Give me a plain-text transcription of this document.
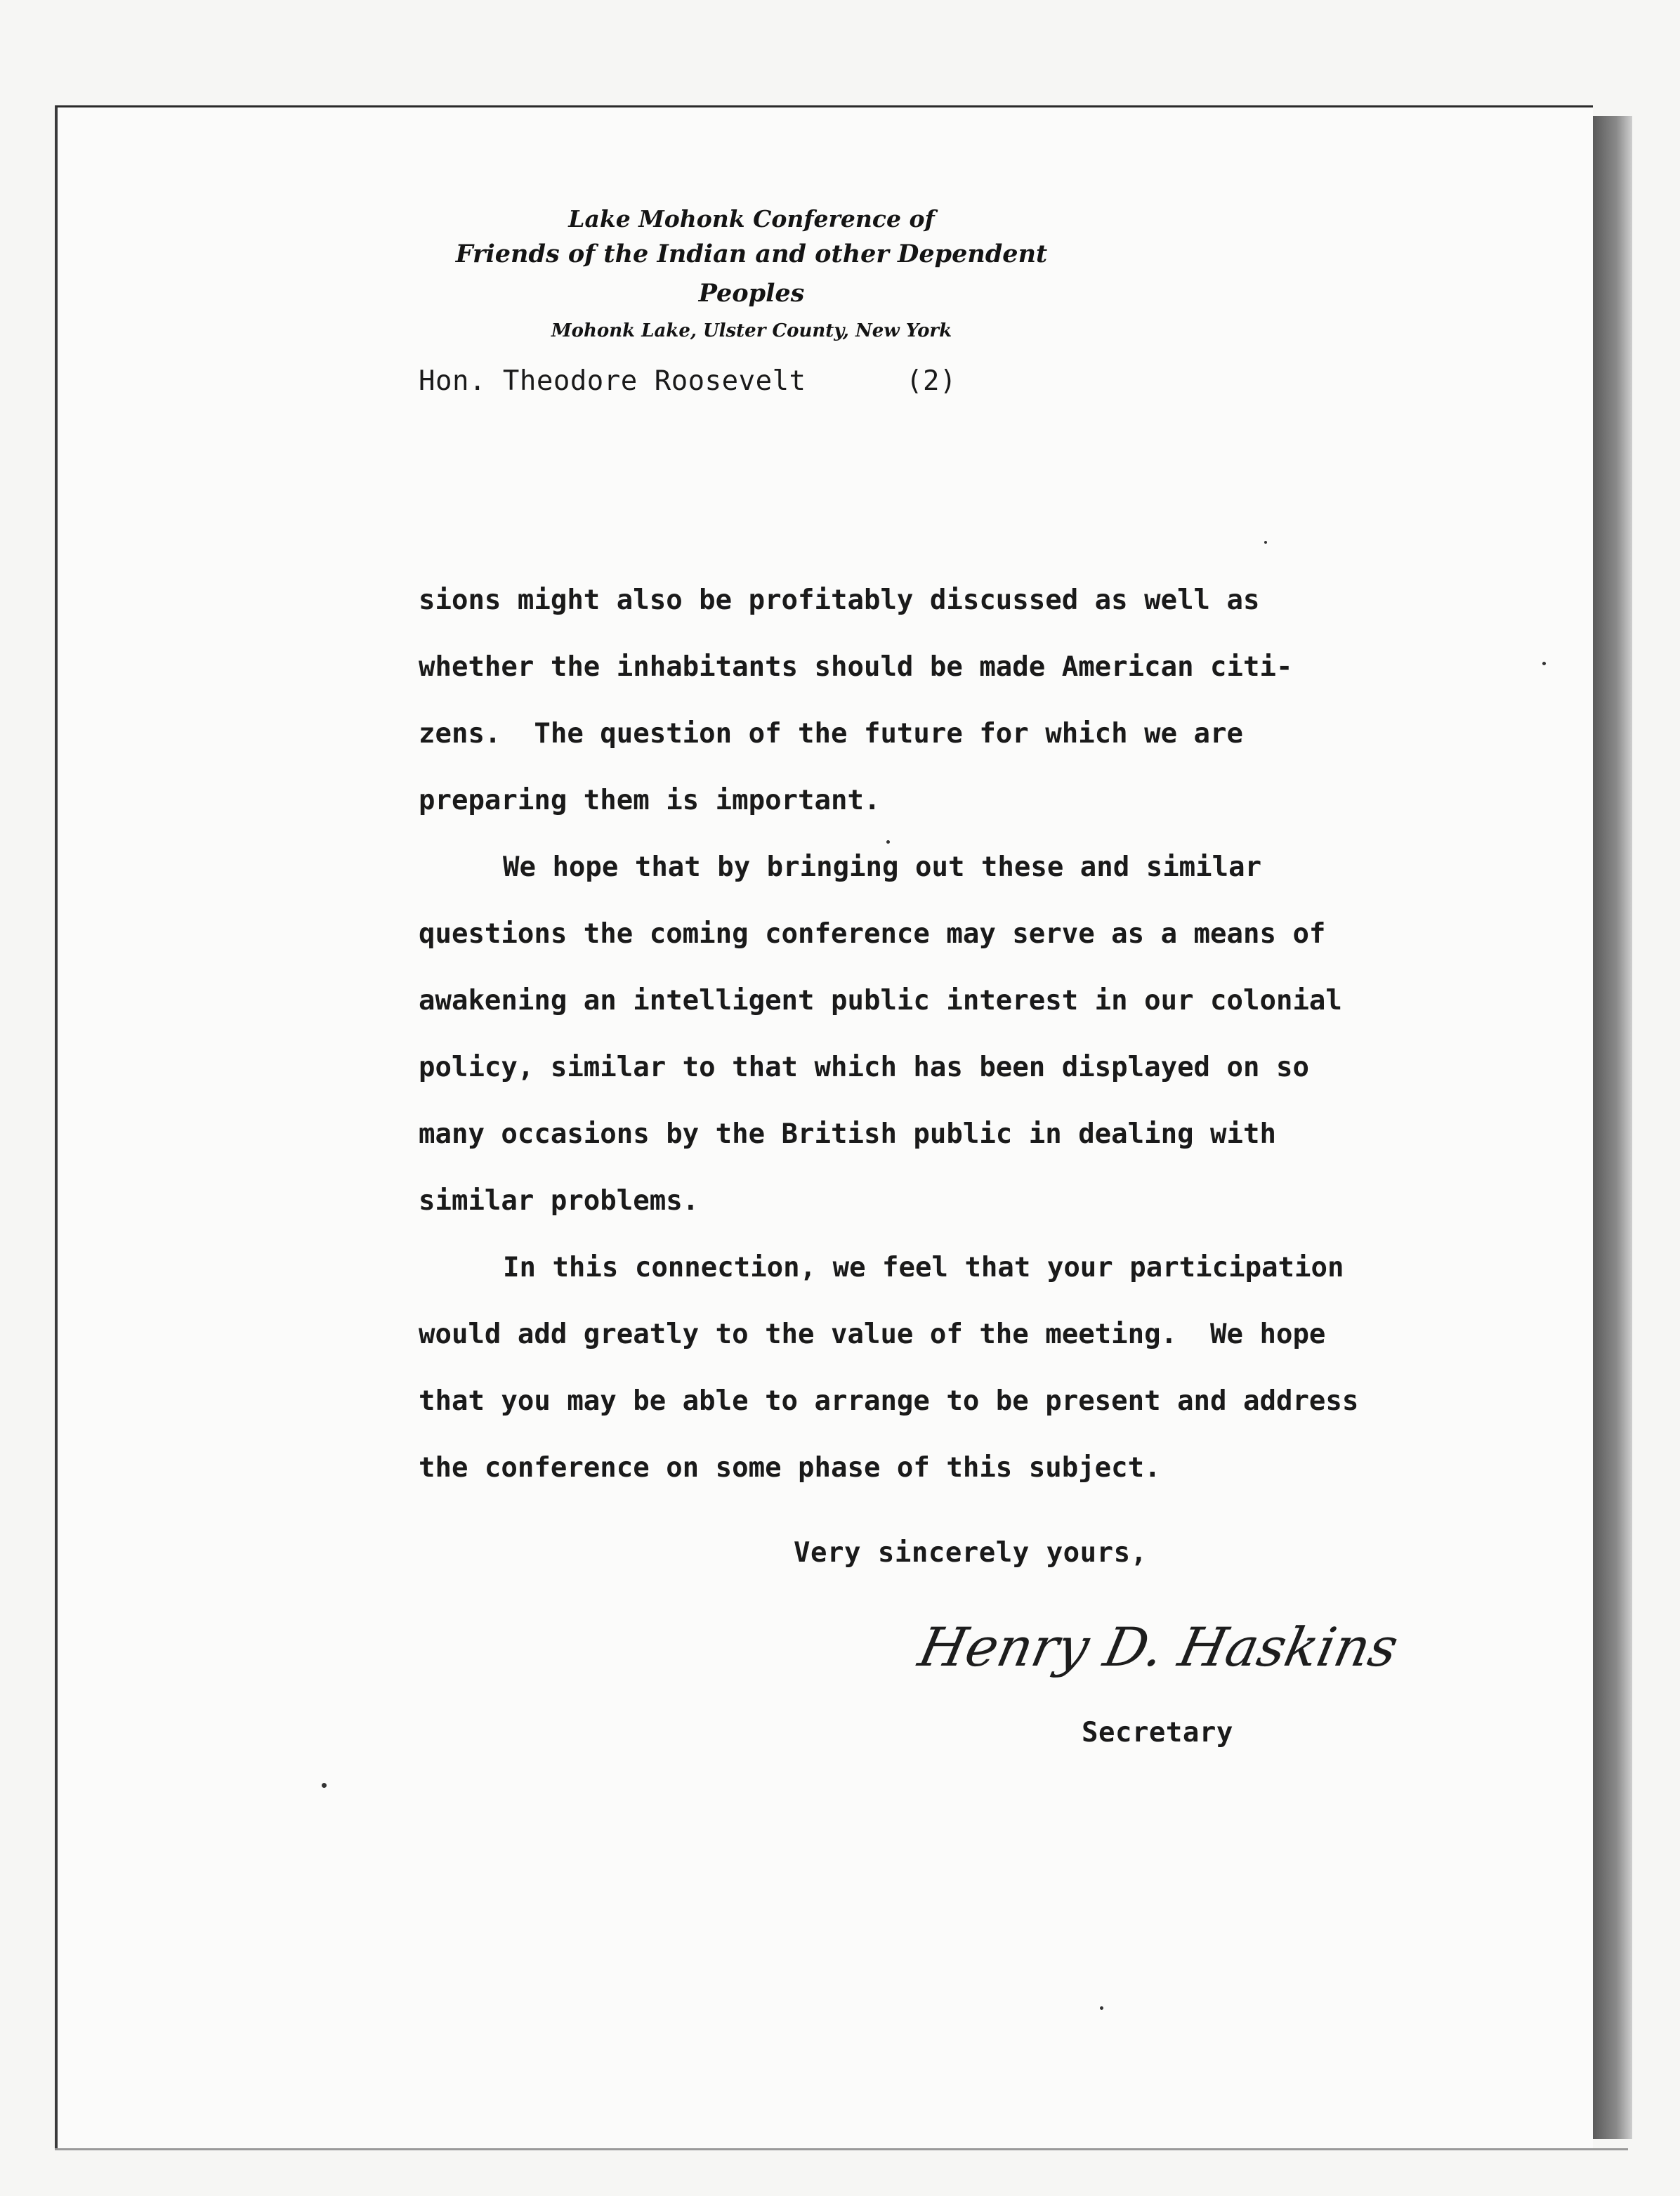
Lake Mohonk Conference of
Friends of the Indian and other Dependent Peoples
Mohonk Lake, Ulster County, New York
Hon. Theodore Roosevelt	(2)
sions might also be profitably discussed as well as
whether the inhabitants should be made American citi-
zens.  The question of the future for which we are
preparing them is important.
We hope that by bringing out these and similar
questions the coming conference may serve as a means of
awakening an intelligent public interest in our colonial
policy, similar to that which has been displayed on so
many occasions by the British public in dealing with
similar problems.
In this connection, we feel that your participation
would add greatly to the value of the meeting.  We hope
that you may be able to arrange to be present and address
the conference on some phase of this subject.
Very sincerely yours,
Henry D. Haskins
Secretary
